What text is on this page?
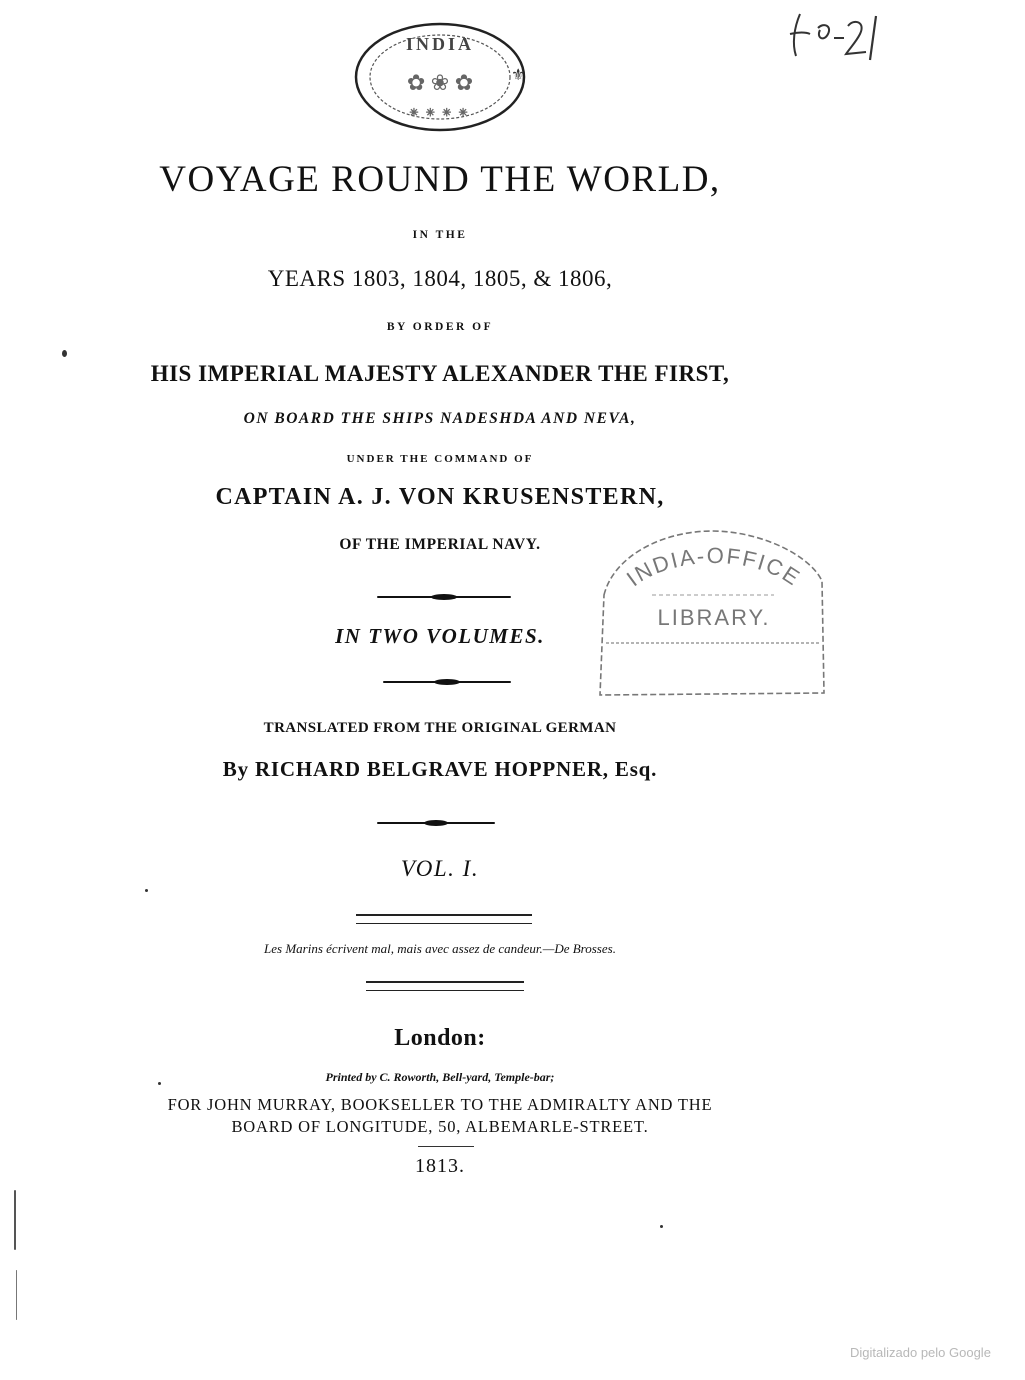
INDIA
✿ ❀ ✿
⁕⁕⁕⁕
⚜
VOYAGE ROUND THE WORLD,
IN THE
YEARS 1803, 1804, 1805, & 1806,
BY ORDER OF
HIS IMPERIAL MAJESTY ALEXANDER THE FIRST,
ON BOARD THE SHIPS NADESHDA AND NEVA,
UNDER THE COMMAND OF
CAPTAIN A. J. VON KRUSENSTERN,
OF THE IMPERIAL NAVY.
IN TWO VOLUMES.
INDIA-OFFICE
LIBRARY.
TRANSLATED FROM THE ORIGINAL GERMAN
By RICHARD BELGRAVE HOPPNER, Esq.
VOL. I.
Les Marins écrivent mal, mais avec assez de candeur.—De Brosses.
London:
Printed by C. Roworth, Bell-yard, Temple-bar;
FOR JOHN MURRAY, BOOKSELLER TO THE ADMIRALTY AND THE
BOARD OF LONGITUDE, 50, ALBEMARLE-STREET.
1813.
Digitalizado pelo Google
